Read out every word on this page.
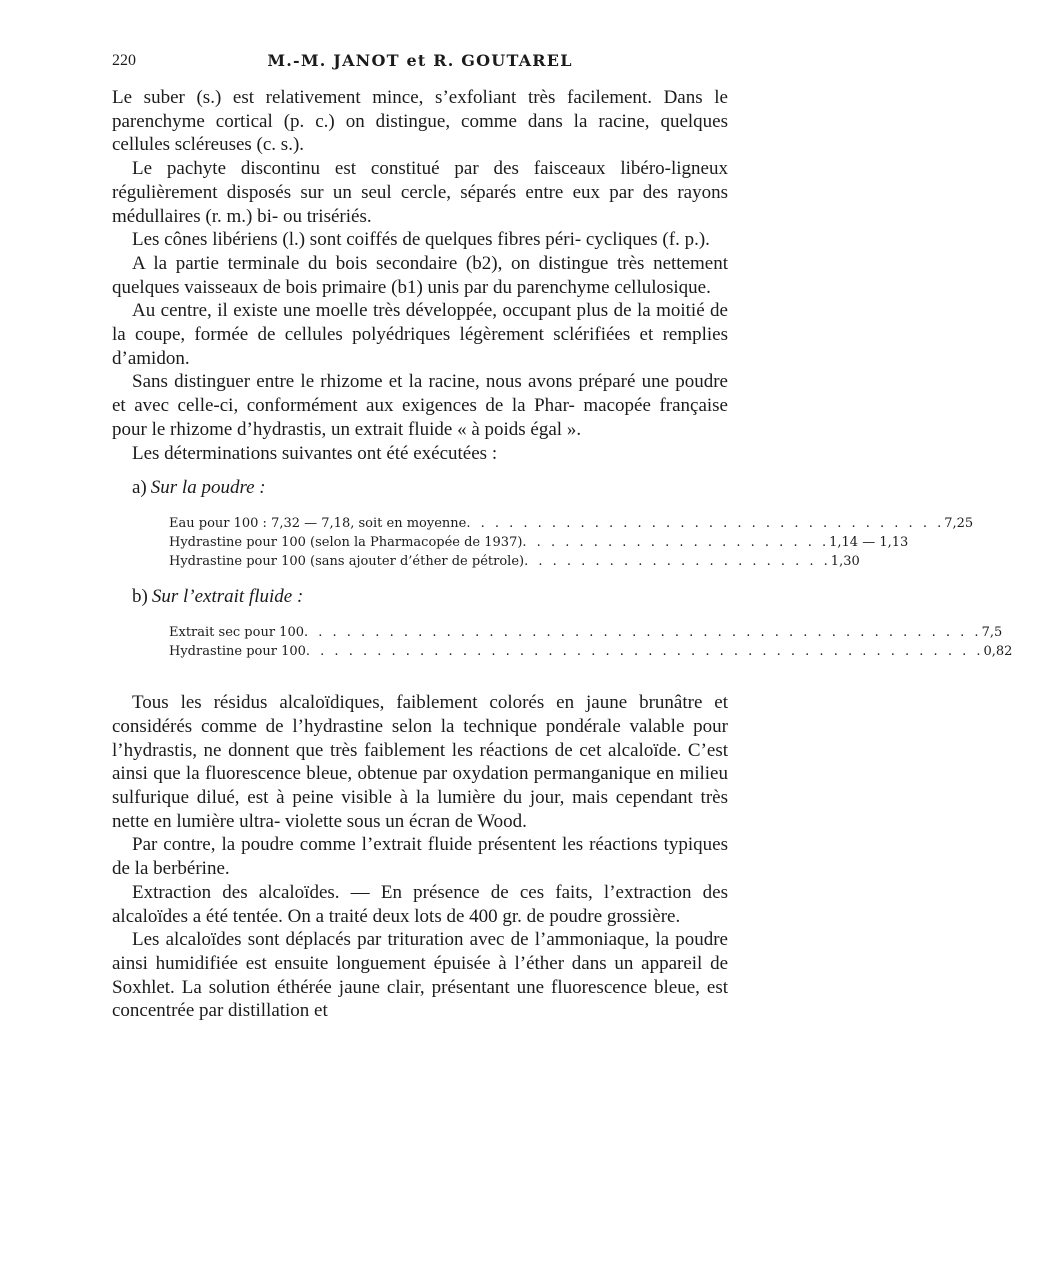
220	M.-M. JANOT et R. GOUTAREL

Le suber (s.) est relativement mince, s’exfoliant très facilement. Dans le parenchyme cortical (p. c.) on distingue, comme dans la racine, quelques cellules scléreuses (c. s.).

Le pachyte discontinu est constitué par des faisceaux libéro-ligneux régulièrement disposés sur un seul cercle, séparés entre eux par des rayons médullaires (r. m.) bi- ou trisériés.

Les cônes libériens (l.) sont coiffés de quelques fibres péri- cycliques (f. p.).

A la partie terminale du bois secondaire (b2), on distingue très nettement quelques vaisseaux de bois primaire (b1) unis par du parenchyme cellulosique.

Au centre, il existe une moelle très développée, occupant plus de la moitié de la coupe, formée de cellules polyédriques légèrement sclérifiées et remplies d’amidon.

Sans distinguer entre le rhizome et la racine, nous avons préparé une poudre et avec celle-ci, conformément aux exigences de la Phar- macopée française pour le rhizome d’hydrastis, un extrait fluide « à poids égal ».

Les déterminations suivantes ont été exécutées :

a) Sur la poudre :
Eau pour 100 : 7,32 — 7,18, soit en moyenne . . . . . . . . . . . . . . . . . . . . . . . . . . . . . . . . . . 7,25
Hydrastine pour 100 (selon la Pharmacopée de 1937) . . . . . . . . . . . . . . . . . . . . . . 1,14 — 1,13
Hydrastine pour 100 (sans ajouter d’éther de pétrole) . . . . . . . . . . . . . . . . . . . . . . 1,30
b) Sur l’extrait fluide :
Extrait sec pour 100 . . . . . . . . . . . . . . . . . . . . . . . . . . . . . . . . . . . . . . . . . . . . . . . . 7,5
Hydrastine pour 100 . . . . . . . . . . . . . . . . . . . . . . . . . . . . . . . . . . . . . . . . . . . . . . . . 0,82

Tous les résidus alcaloïdiques, faiblement colorés en jaune brunâtre et considérés comme de l’hydrastine selon la technique pondérale valable pour l’hydrastis, ne donnent que très faiblement les réactions de cet alcaloïde. C’est ainsi que la fluorescence bleue, obtenue par oxydation permanganique en milieu sulfurique dilué, est à peine visible à la lumière du jour, mais cependant très nette en lumière ultra- violette sous un écran de Wood.

Par contre, la poudre comme l’extrait fluide présentent les réactions typiques de la berbérine.

Extraction des alcaloïdes. — En présence de ces faits, l’extraction des alcaloïdes a été tentée. On a traité deux lots de 400 gr. de poudre grossière.

Les alcaloïdes sont déplacés par trituration avec de l’ammoniaque, la poudre ainsi humidifiée est ensuite longuement épuisée à l’éther dans un appareil de Soxhlet. La solution éthérée jaune clair, présentant une fluorescence bleue, est concentrée par distillation et
